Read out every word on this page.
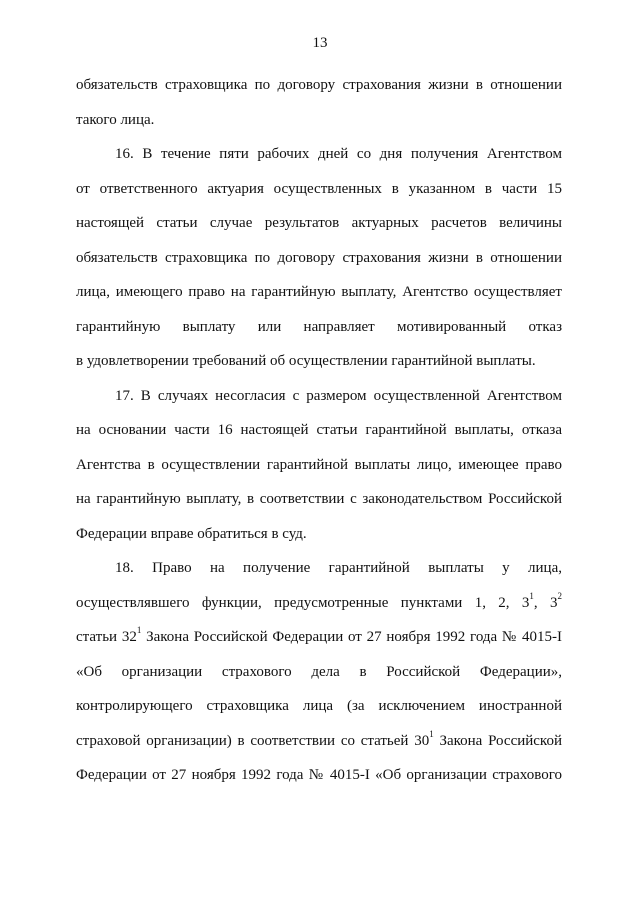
13
обязательств страховщика по договору страхования жизни в отношении
такого лица.
16. В течение пяти рабочих дней со дня получения Агентством
от ответственного актуария осуществленных в указанном в части 15
настоящей статьи случае результатов актуарных расчетов величины
обязательств страховщика по договору страхования жизни в отношении
лица, имеющего право на гарантийную выплату, Агентство осуществляет
гарантийную выплату или направляет мотивированный отказ
в удовлетворении требований об осуществлении гарантийной выплаты.
17. В случаях несогласия с размером осуществленной Агентством
на основании части 16 настоящей статьи гарантийной выплаты, отказа
Агентства в осуществлении гарантийной выплаты лицо, имеющее право
на гарантийную выплату, в соответствии с законодательством Российской
Федерации вправе обратиться в суд.
18. Право на получение гарантийной выплаты у лица,
осуществлявшего функции, предусмотренные пунктами 1, 2, $3^1$, $3^2$
статьи $32^1$ Закона Российской Федерации от 27 ноября 1992 года № 4015-I
«Об организации страхового дела в Российской Федерации»,
контролирующего страховщика лица (за исключением иностранной
страховой организации) в соответствии со статьей $30^1$ Закона Российской
Федерации от 27 ноября 1992 года № 4015-I «Об организации страхового
